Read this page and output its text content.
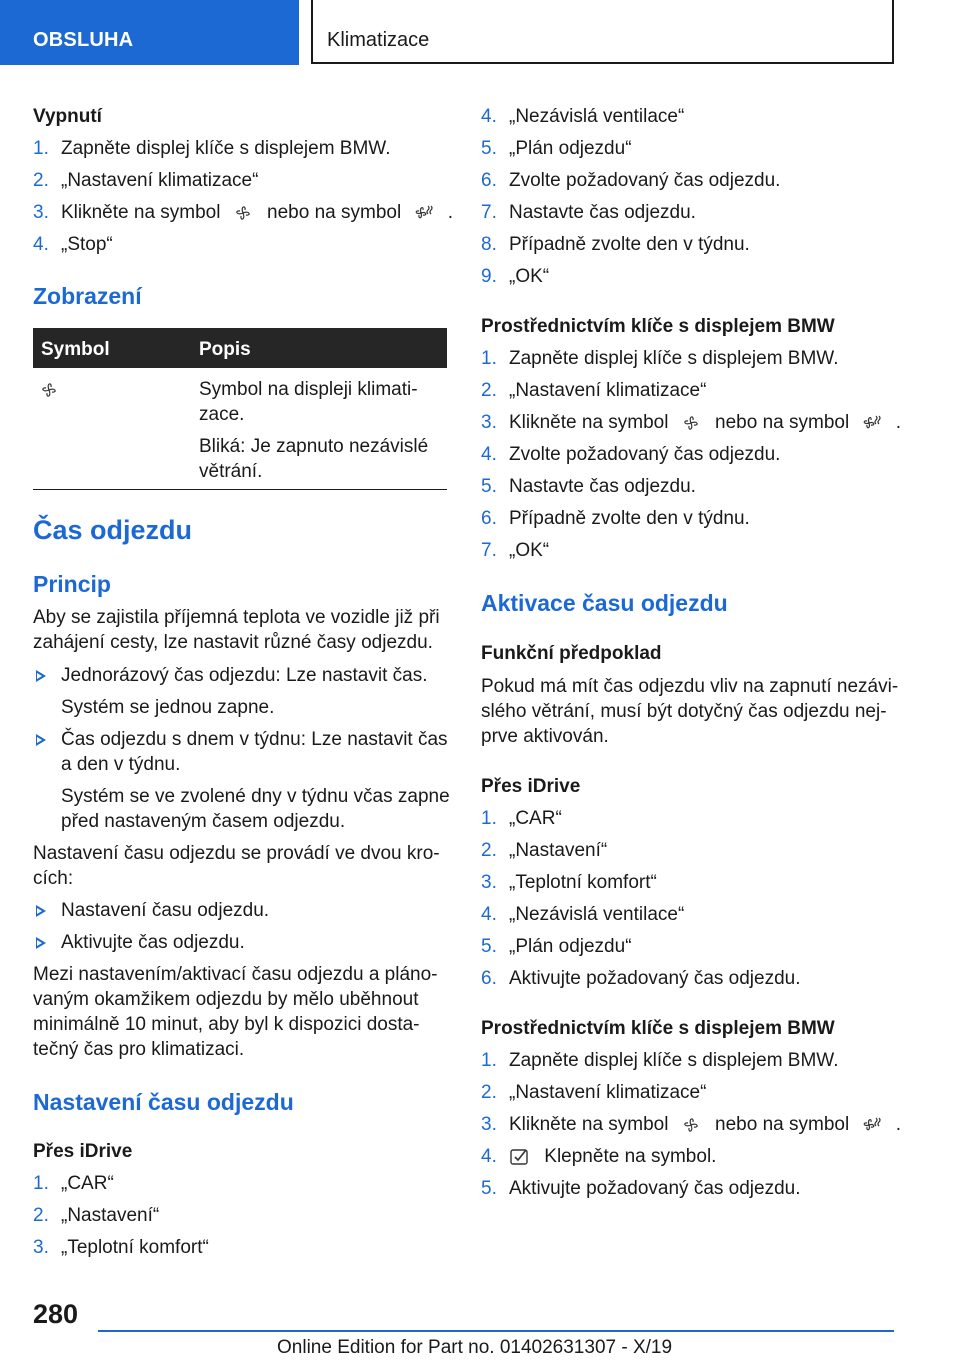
OBSLUHA	Klimatizace
Vypnutí
1. Zapněte displej klíče s displejem BMW.
2. „Nastavení klimatizace“
3. Klikněte na symbol nebo na symbol .
4. „Stop“
Zobrazení
Symbol	Popis
Symbol na displeji klimati-
zace.
Bliká: Je zapnuto nezávislé
větrání.
Čas odjezdu
Princip
Aby se zajistila příjemná teplota ve vozidle již při
zahájení cesty, lze nastavit různé časy odjezdu.
Jednorázový čas odjezdu: Lze nastavit čas.
Systém se jednou zapne.
Čas odjezdu s dnem v týdnu: Lze nastavit čas
a den v týdnu.
Systém se ve zvolené dny v týdnu včas zapne
před nastaveným časem odjezdu.
Nastavení času odjezdu se provádí ve dvou kro-
cích:
Nastavení času odjezdu.
Aktivujte čas odjezdu.
Mezi nastavením/aktivací času odjezdu a pláno-
vaným okamžikem odjezdu by mělo uběhnout
minimálně 10 minut, aby byl k dispozici dosta-
tečný čas pro klimatizaci.
Nastavení času odjezdu
Přes iDrive
1. „CAR“
2. „Nastavení“
3. „Teplotní komfort“
4. „Nezávislá ventilace“
5. „Plán odjezdu“
6. Zvolte požadovaný čas odjezdu.
7. Nastavte čas odjezdu.
8. Případně zvolte den v týdnu.
9. „OK“
Prostřednictvím klíče s displejem BMW
1. Zapněte displej klíče s displejem BMW.
2. „Nastavení klimatizace“
3. Klikněte na symbol nebo na symbol .
4. Zvolte požadovaný čas odjezdu.
5. Nastavte čas odjezdu.
6. Případně zvolte den v týdnu.
7. „OK“
Aktivace času odjezdu
Funkční předpoklad
Pokud má mít čas odjezdu vliv na zapnutí nezávi-
slého větrání, musí být dotyčný čas odjezdu nej-
prve aktivován.
Přes iDrive
1. „CAR“
2. „Nastavení“
3. „Teplotní komfort“
4. „Nezávislá ventilace“
5. „Plán odjezdu“
6. Aktivujte požadovaný čas odjezdu.
Prostřednictvím klíče s displejem BMW
1. Zapněte displej klíče s displejem BMW.
2. „Nastavení klimatizace“
3. Klikněte na symbol nebo na symbol .
4.	Klepněte na symbol.
5. Aktivujte požadovaný čas odjezdu.
280
Online Edition for Part no. 01402631307 - X/19
